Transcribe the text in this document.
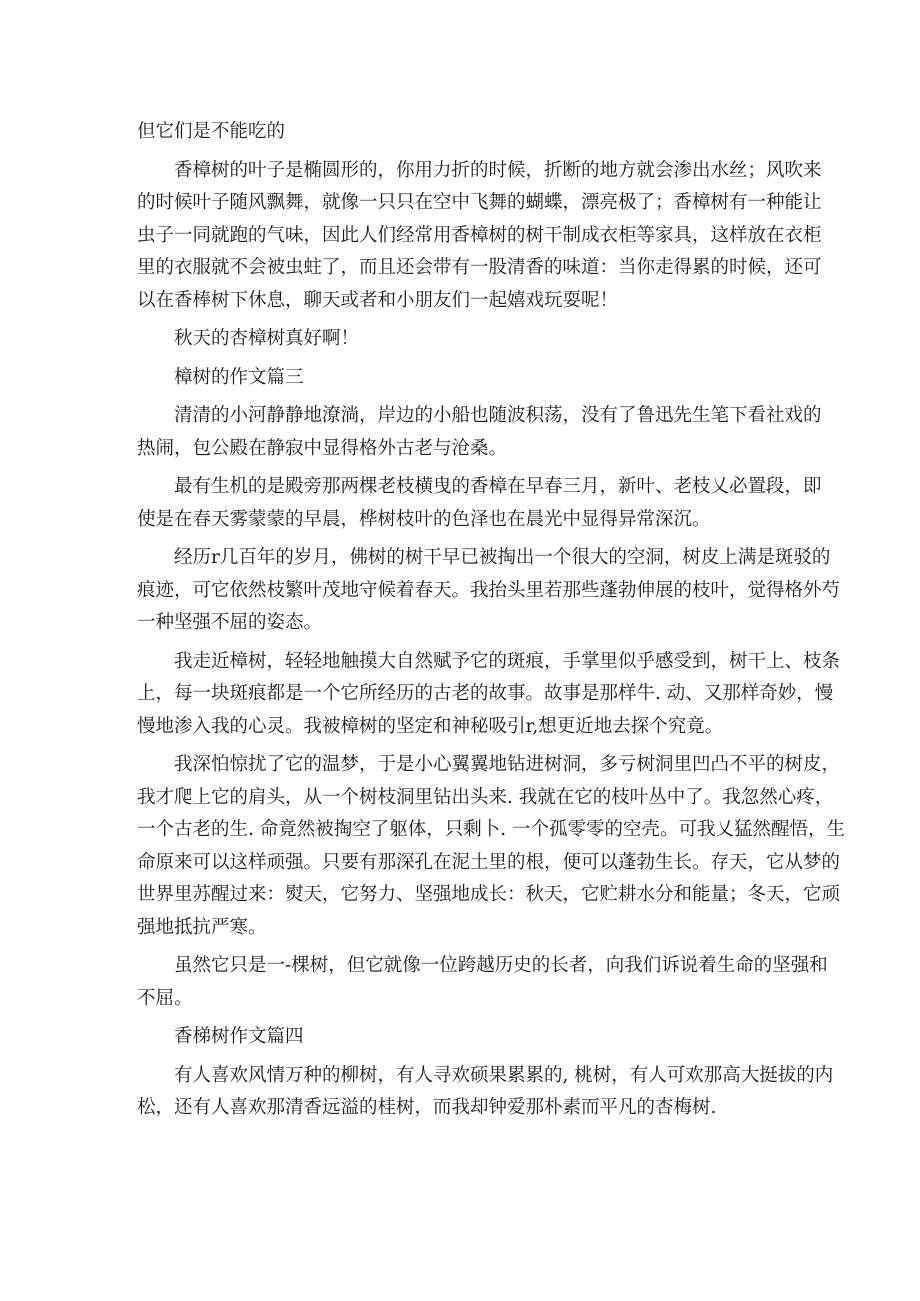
但它们是不能吃的
香樟树的叶子是椭圆形的，你用力折的时候，折断的地方就会渗出水丝；风吹来
的时候叶子随风飘舞，就像一只只在空中飞舞的蝴蝶，漂亮极了；香樟树有一种能让
虫子一同就跑的气味，因此人们经常用香樟树的树干制成衣柜等家具，这样放在衣柜
里的衣服就不会被虫蛀了，而且还会带有一股清香的味道：当你走得累的时候，还可
以在香棒树下休息，聊天或者和小朋友们一起嬉戏玩耍呢！
秋天的杏樟树真好啊！
樟树的作文篇三
清清的小河静静地潦淌，岸边的小船也随波积荡，没有了鲁迅先生笔下看社戏的
热闹，包公殿在静寂中显得格外古老与沧桑。
最有生机的是殿旁那两棵老枝横曳的香樟在早春三月，新叶、老枝乂必置段，即
使是在春天雾蒙蒙的早晨，桦树枝叶的色泽也在晨光中显得异常深沉。
经历r几百年的岁月，佛树的树干早已被掏出一个很大的空洞，树皮上满是斑驳的
痕迹，可它依然枝繁叶茂地守候着春天。我抬头里若那些蓬勃伸展的枝叶，觉得格外芍
一种坚强不屈的姿态。
我走近樟树，轻轻地触摸大自然赋予它的斑痕，手掌里似乎感受到，树干上、枝条
上，每一块斑痕都是一个它所经历的古老的故事。故事是那样牛. 动、又那样奇妙，慢
慢地渗入我的心灵。我被樟树的坚定和神秘吸引r,想更近地去探个究竟。
我深怕惊扰了它的温梦，于是小心翼翼地钻进树洞，多亏树洞里凹凸不平的树皮，
我才爬上它的肩头，从一个树枝洞里钻出头来. 我就在它的枝叶丛中了。我忽然心疼，
一个古老的生. 命竟然被掏空了躯体，只剩卜. 一个孤零零的空壳。可我乂猛然醒悟，生
命原来可以这样顽强。只要有那深孔在泥土里的根，便可以蓬勃生长。存天，它从梦的
世界里苏醒过来：熨天，它努力、坚强地成长：秋天，它贮耕水分和能量；冬天，它顽
强地抵抗严寒。
虽然它只是一-棵树，但它就像一位跨越历史的长者，向我们诉说着生命的坚强和
不屈。
香梯树作文篇四
有人喜欢风情万种的柳树，有人寻欢硕果累累的, 桃树，有人可欢那高大挺拔的内
松，还有人喜欢那清香远溢的桂树，而我却钟爱那朴素而平凡的杏梅树.
